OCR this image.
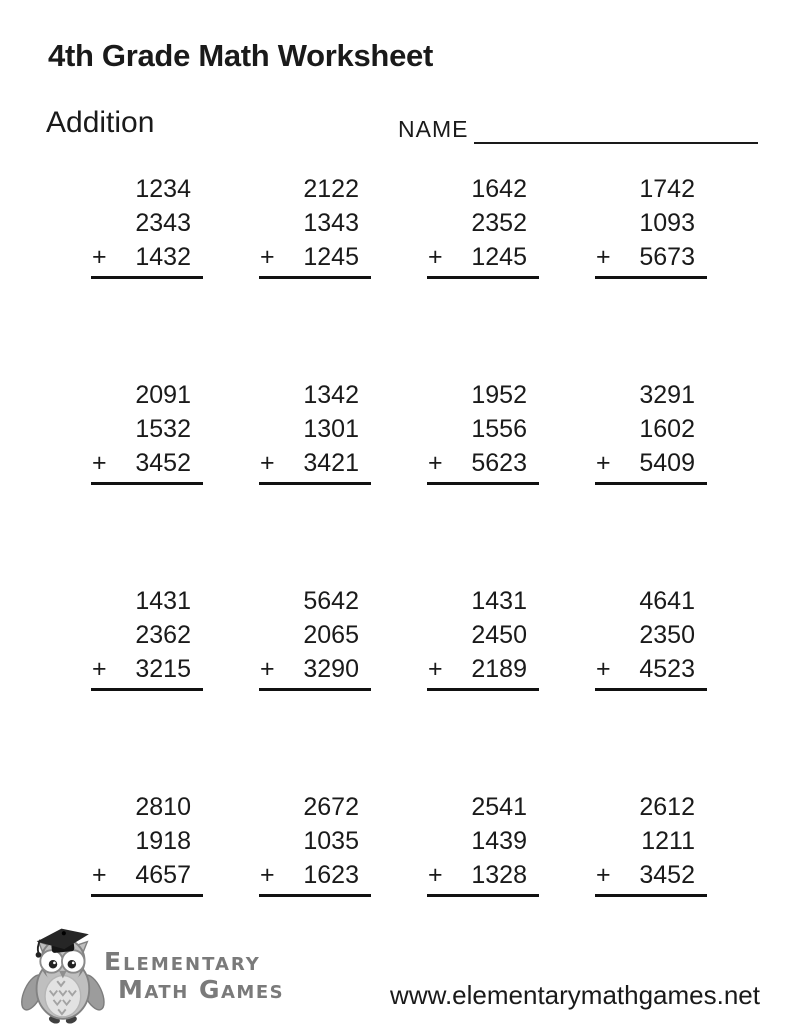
4th Grade Math Worksheet
Addition	NAME
1234
2343
+ 1432
2122
1343
+ 1245
1642
2352
+ 1245
1742
1093
+ 5673
2091
1532
+ 3452
1342
1301
+ 3421
1952
1556
+ 5623
3291
1602
+ 5409
1431
2362
+ 3215
5642
2065
+ 3290
1431
2450
+ 2189
4641
2350
+ 4523
2810
1918
+ 4657
2672
1035
+ 1623
2541
1439
+ 1328
2612
1211
+ 3452
Elementary
Math Games	www.elementarymathgames.net
